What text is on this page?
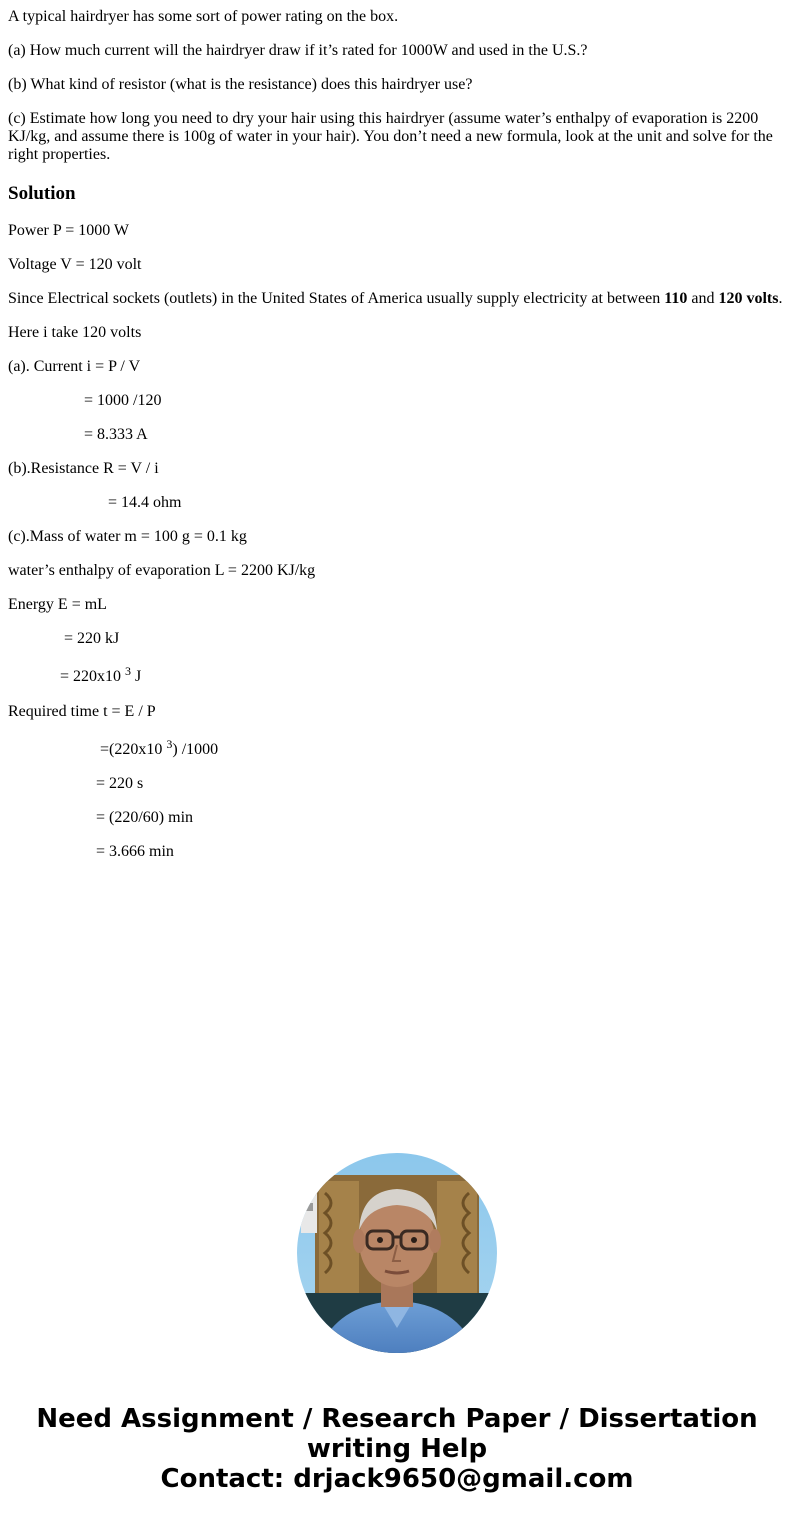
A typical hairdryer has some sort of power rating on the box.

(a) How much current will the hairdryer draw if it’s rated for 1000W and used in the U.S.?

(b) What kind of resistor (what is the resistance) does this hairdryer use?

(c) Estimate how long you need to dry your hair using this hairdryer (assume water’s enthalpy of evaporation is 2200 KJ/kg, and assume there is 100g of water in your hair). You don’t need a new formula, look at the unit and solve for the right properties.

Solution

Power P = 1000 W

Voltage V = 120 volt

Since Electrical sockets (outlets) in the United States of America usually supply electricity at between 110 and 120 volts.

Here i take 120 volts

(a). Current i = P / V

= 1000 /120

= 8.333 A

(b).Resistance R = V / i

= 14.4 ohm

(c).Mass of water m = 100 g = 0.1 kg

water’s enthalpy of evaporation L = 2200 KJ/kg

Energy E = mL

= 220 kJ

= 220x10 $^3$ J

Required time t = E / P

=(220x10 $^3$) /1000

= 220 s

= (220/60) min

= 3.666 min

Need Assignment / Research Paper / Dissertation
writing Help
Contact: drjack9650@gmail.com
